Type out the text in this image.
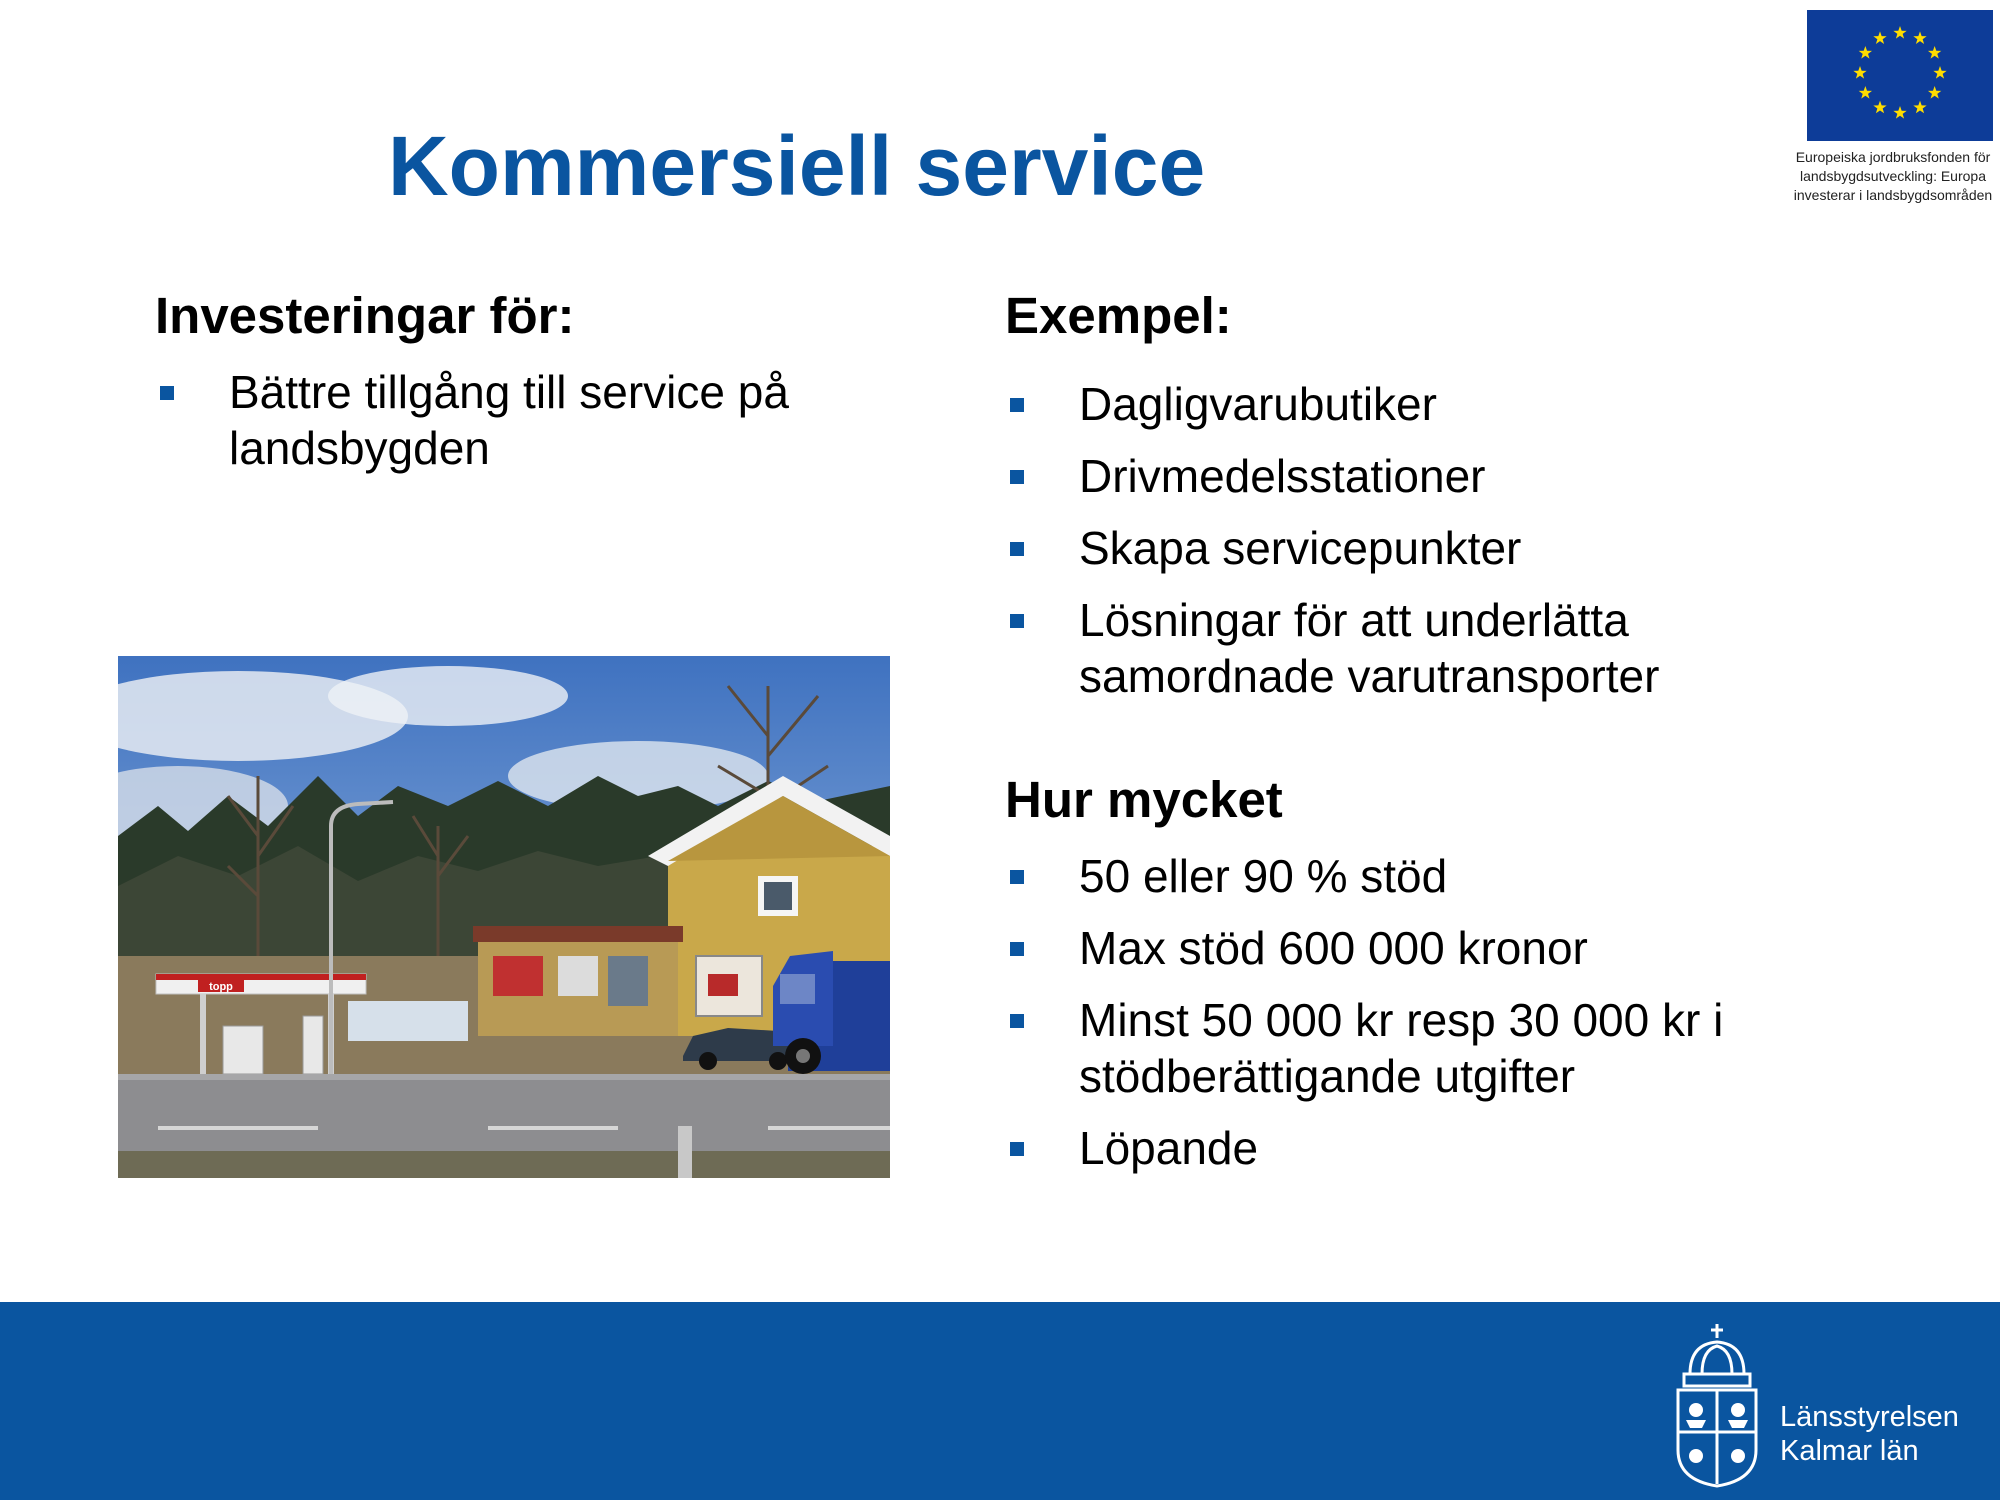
Kommersiell service	Europeiska jordbruksfonden för
landsbygdsutveckling: Europa
investerar i landsbygdsområden
Investeringar för:
Bättre tillgång till service på
landsbygden
Exempel:
Dagligvarubutiker
Drivmedelsstationer
Skapa servicepunkter
Lösningar för att underlätta
samordnade varutransporter
Hur mycket
50 eller 90 % stöd
Max stöd 600 000 kronor
Minst 50 000 kr resp 30 000 kr i
stödberättigande utgifter
Löpande
topp
Länsstyrelsen
Kalmar län
